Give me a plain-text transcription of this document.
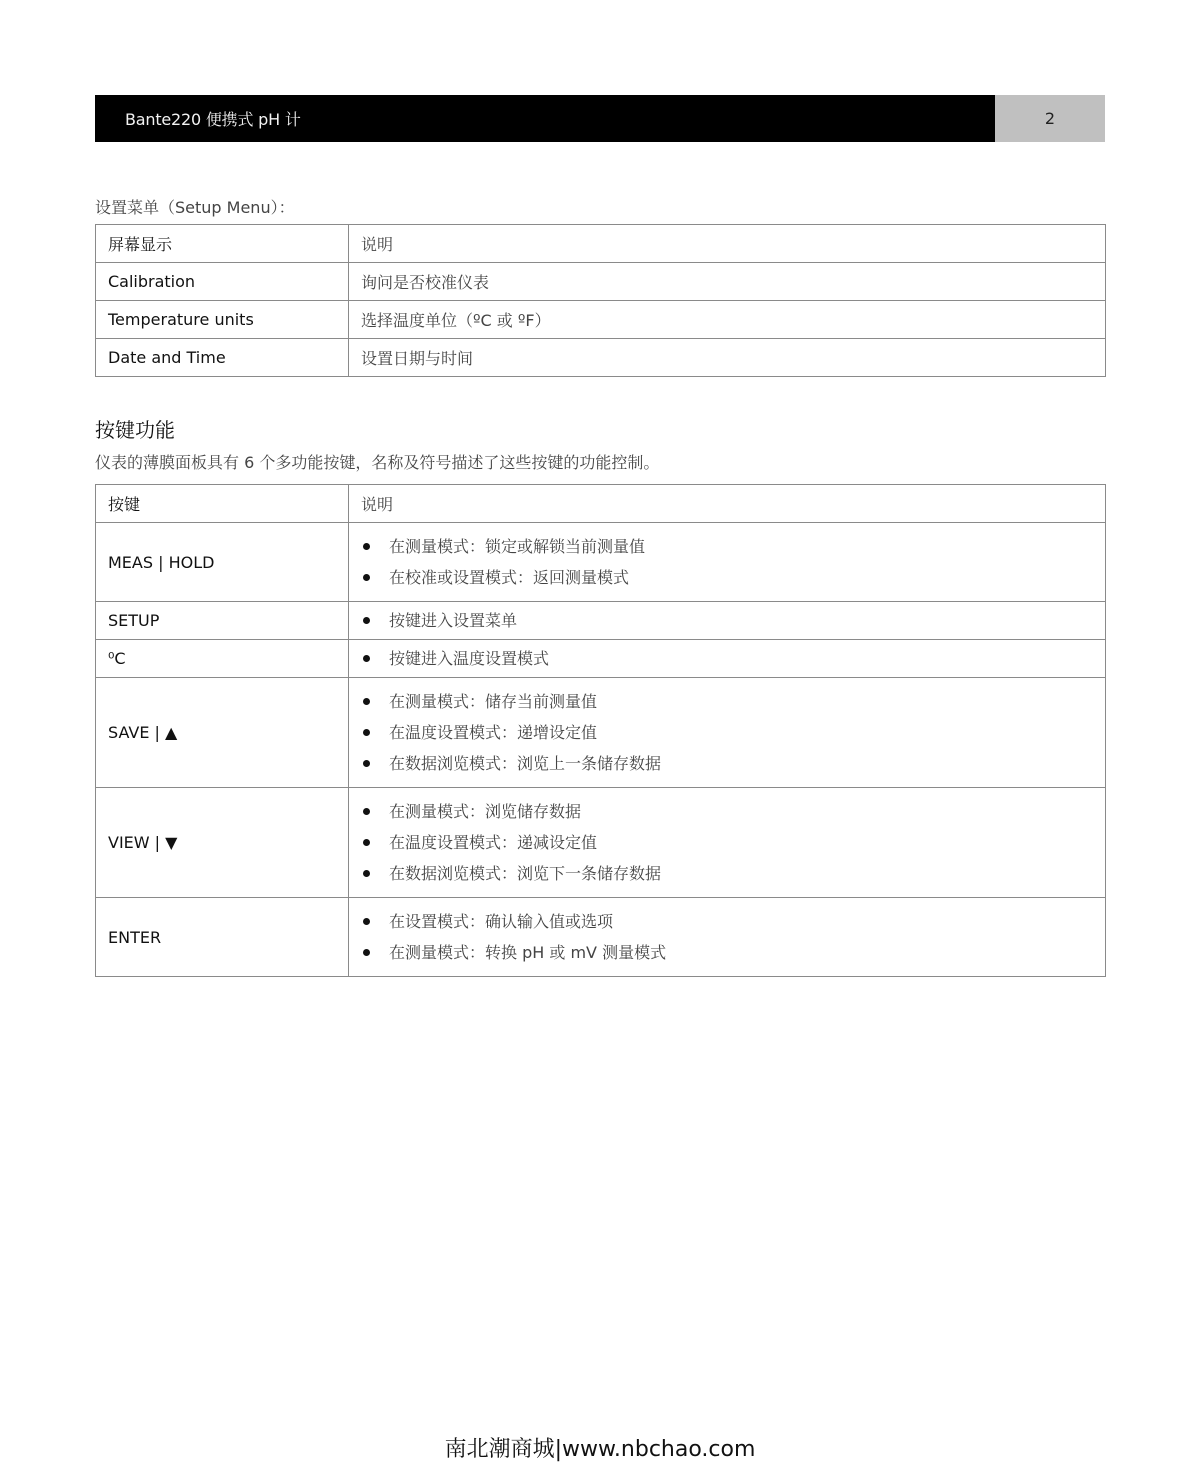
Bante220 便携式 pH 计	2
设置菜单（Setup Menu）：
屏幕显示	说明
Calibration	询问是否校准仪表
Temperature units	选择温度单位（ºC 或 ºF）
Date and Time	设置日期与时间
按键功能
仪表的薄膜面板具有 6 个多功能按键，名称及符号描述了这些按键的功能控制。
按键	说明
MEAS | HOLD	
在测量模式：锁定或解锁当前测量值
在校准或设置模式：返回测量模式

SETUP	按键进入设置菜单

⁰C	按键进入温度设置模式

SAVE | ▲	
在测量模式：储存当前测量值
在温度设置模式：递增设定值
在数据浏览模式：浏览上一条储存数据

VIEW | ▼	
在测量模式：浏览储存数据
在温度设置模式：递减设定值
在数据浏览模式：浏览下一条储存数据

ENTER	
在设置模式：确认输入值或选项
在测量模式：转换 pH 或 mV 测量模式
南北潮商城|www.nbchao.com
